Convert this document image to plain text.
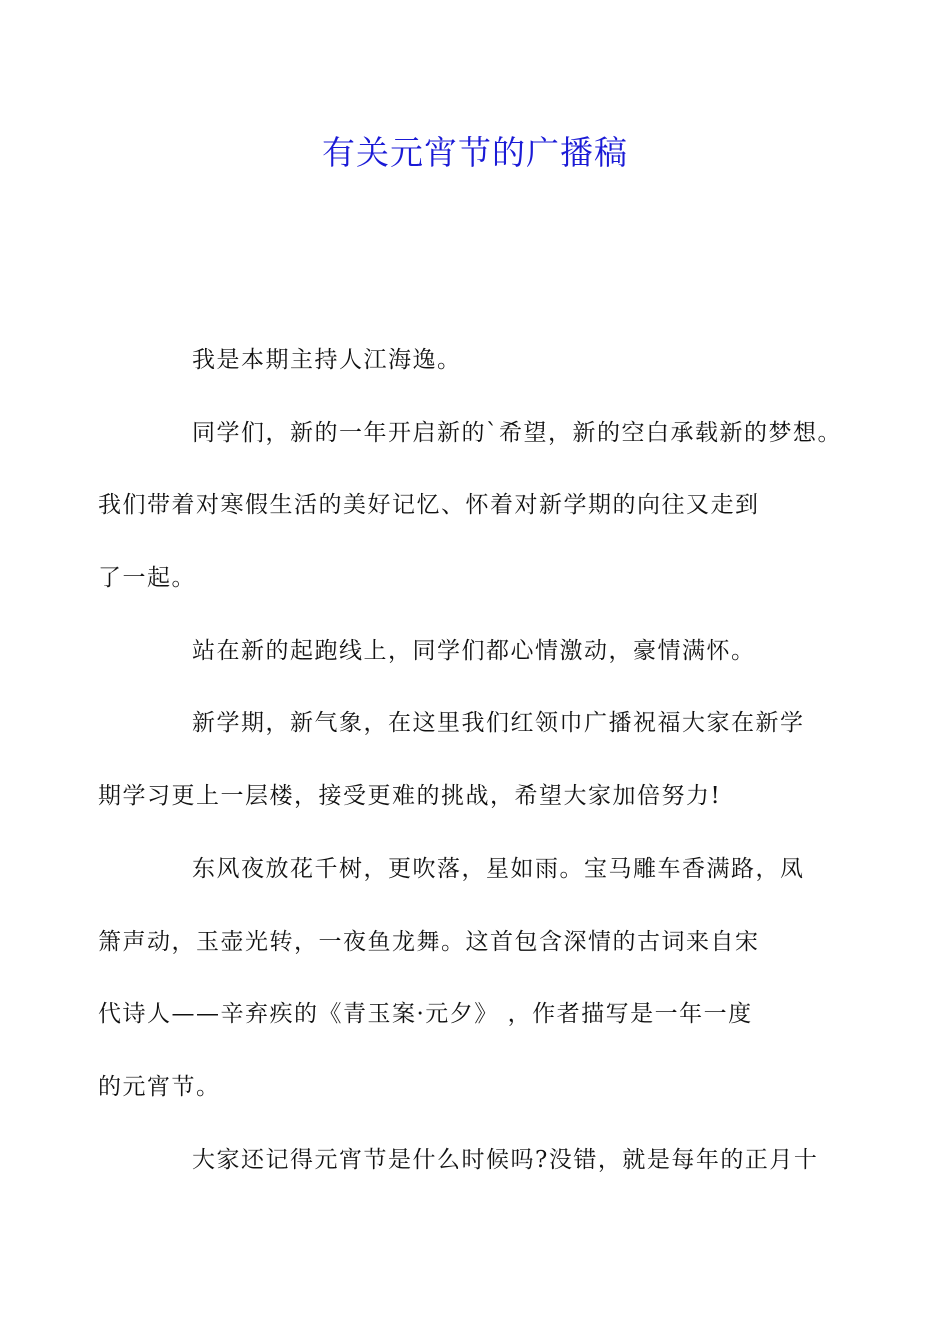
有关元宵节的广播稿

我是本期主持人江海逸。

同学们，新的一年开启新的`希望，新的空白承载新的梦想。
我们带着对寒假生活的美好记忆、怀着对新学期的向往又走到
了一起。

站在新的起跑线上，同学们都心情激动，豪情满怀。

新学期，新气象，在这里我们红领巾广播祝福大家在新学
期学习更上一层楼，接受更难的挑战，希望大家加倍努力!

东风夜放花千树，更吹落，星如雨。宝马雕车香满路，凤
箫声动，玉壶光转，一夜鱼龙舞。这首包含深情的古词来自宋
代诗人——辛弃疾的《青玉案·元夕》 ，作者描写是一年一度
的元宵节。

大家还记得元宵节是什么时候吗?没错，就是每年的正月十
